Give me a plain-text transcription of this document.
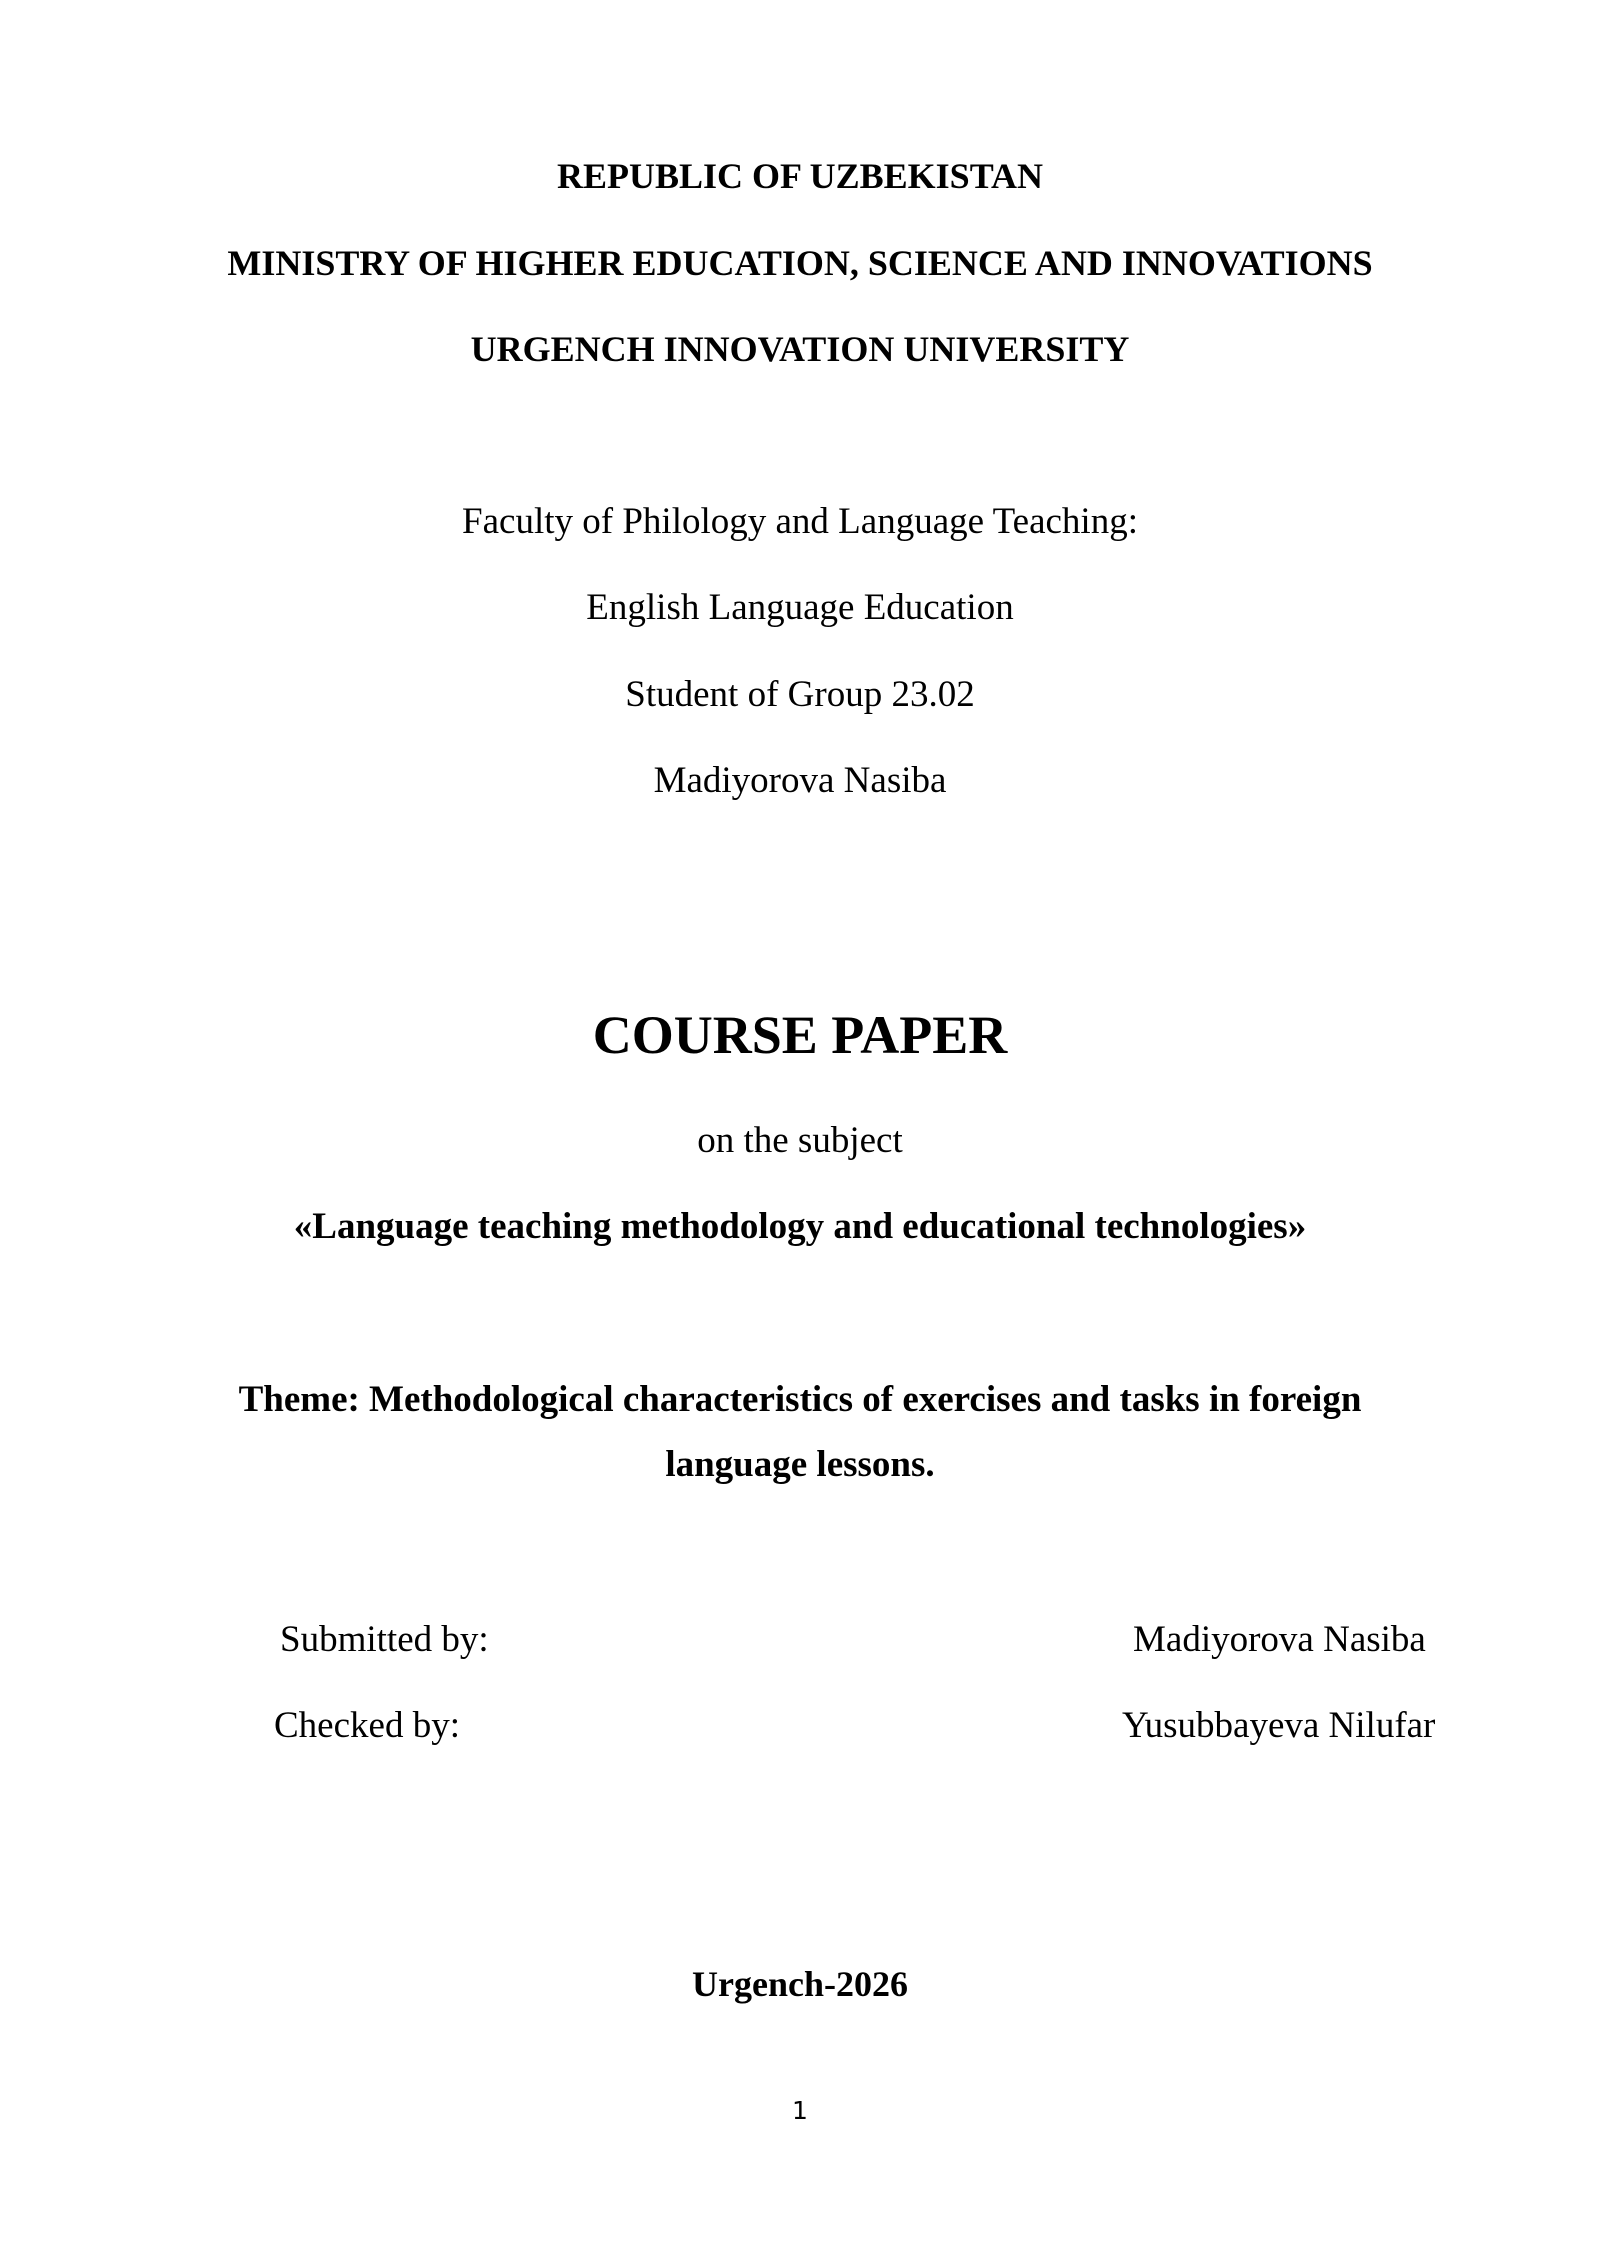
REPUBLIC OF UZBEKISTAN
MINISTRY OF HIGHER EDUCATION, SCIENCE AND INNOVATIONS
URGENCH INNOVATION UNIVERSITY
Faculty of Philology and Language Teaching:
English Language Education
Student of Group 23.02
Madiyorova Nasiba
COURSE PAPER
on the subject
«Language teaching methodology and educational technologies»
Theme: Methodological characteristics of exercises and tasks in foreign
language lessons.
Submitted by:	Madiyorova Nasiba
Checked by:	Yusubbayeva Nilufar
Urgench-2026
1
